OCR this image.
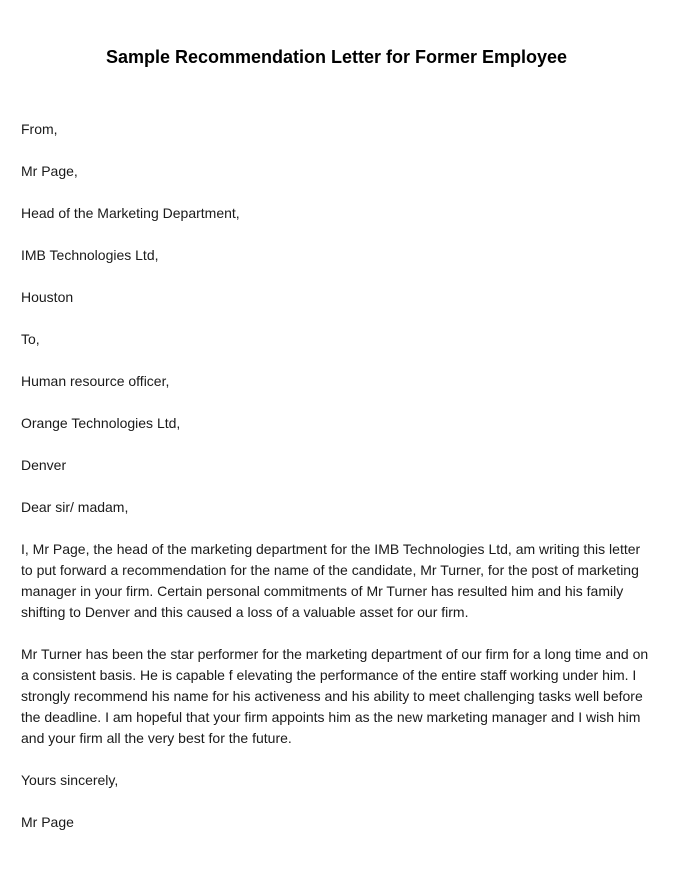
Sample Recommendation Letter for Former Employee

From,

Mr Page,

Head of the Marketing Department,

IMB Technologies Ltd,

Houston

To,

Human resource officer,

Orange Technologies Ltd,

Denver

Dear sir/ madam,

I, Mr Page, the head of the marketing department for the IMB Technologies Ltd, am writing this letter to put forward a recommendation for the name of the candidate, Mr Turner, for the post of marketing manager in your firm. Certain personal commitments of Mr Turner has resulted him and his family shifting to Denver and this caused a loss of a valuable asset for our firm.

Mr Turner has been the star performer for the marketing department of our firm for a long time and on a consistent basis. He is capable f elevating the performance of the entire staff working under him. I strongly recommend his name for his activeness and his ability to meet challenging tasks well before the deadline. I am hopeful that your firm appoints him as the new marketing manager and I wish him and your firm all the very best for the future.

Yours sincerely,

Mr Page
